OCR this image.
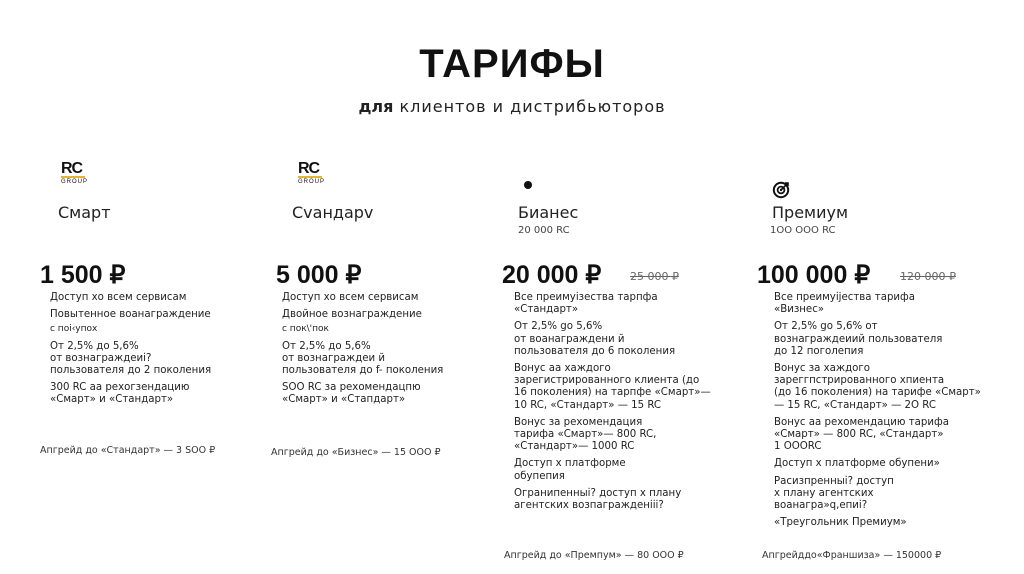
ТАРИФЫ
для клиентов и дистрибьюторов
RC
GROUP
Смарт
1 500 ₽
Доступ хо всем сервисам
Повытенное воанаграждение
с поі‹упох
От 2,5% до 5,6%
от вознаграждеиі?
пользователя дo 2 поколения
300 RC аа рехогзендацию
«Смарт» и «Стандарт»
Апгрейд до «Стандарт» — 3 SOO ₽
RC
GROUP
Cvандарv
5 000 ₽
Доступ хо всем сервисам
Двойное вознаграждение
с пок\'пок
От 2,5% до 5,6%
от вoзнаграждеи й
пользователя дo f- поколения
SOO RC за рехомендацпю
«Смарт» и «Стaпдарт»
Апгрейд до «Бизнес» — 15 OOO ₽
Бианес
20 000 RC
20 000 ₽	25 000 ₽
Все преимуізества тарпфа
«Стандарт»
От 2,5% gо 5,6%
от воанаграждени й
пользователя дo 6 поколения
Вонус аа хаждого
зарегистрированного клиента (дo
16 поколения) на тарпфе «Смарт»—
10 RC, «Стандарт» — 15 RC
Вонус за рехомендация
тарифа «Смарт»— 800 RC,
«Стандарт»— 1000 RC
Доступ х платформе
обупепия
Огранипенныі? доступ х плану
агентских возпагражденііі?
Апгрейд дo «Премпум» — 80 OOO ₽
Премиум
1OO OOO RC
100 000 ₽	120 000 ₽
Все преимуіjества тарифа
«Визнес»
От 2,5% gо 5,6% от
вoзнаграждеиий пользователя
до 12 погoлепия
Вонус за хаждого
зареггпстрированного хпиента
(дo 16 поколения) на тарифе «Смарт»
— 15 RC, «Стандарт» — 2O RC
Вонус аа рехомендацию тарифа
«Смарт» — 800 RC, «Стандарт»
1 OOORC
Доступ х платформе обупени»
Расизпренныі? доступ
х плану агентских
воанагра»q,епиі?
«Треугольник Премиум»
Апгрейддо«Франшиза» — 150000 ₽
